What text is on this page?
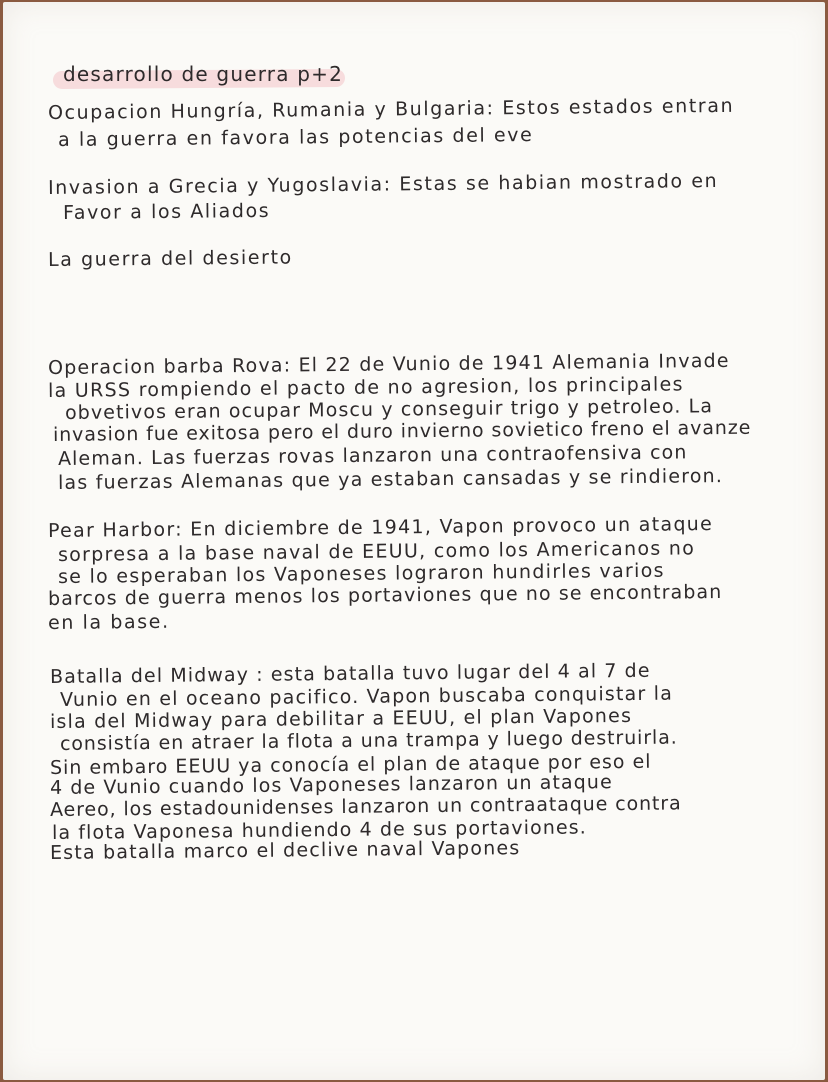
desarrollo de guerra p+2
Ocupacion Hungría, Rumania y Bulgaria: Estos estados entran
a la guerra en favora las potencias del eve
Invasion a Grecia y Yugoslavia: Estas se habian mostrado en
Favor a los Aliados
La guerra del desierto
Operacion barba Rova: El 22 de Vunio de 1941 Alemania Invade
la URSS rompiendo el pacto de no agresion, los principales
obvetivos eran ocupar Moscu y conseguir trigo y petroleo. La
invasion fue exitosa pero el duro invierno sovietico freno el avanze
Aleman. Las fuerzas rovas lanzaron una contraofensiva con
las fuerzas Alemanas que ya estaban cansadas y se rindieron.
Pear Harbor: En diciembre de 1941, Vapon provoco un ataque
sorpresa a la base naval de EEUU, como los Americanos no
se lo esperaban los Vaponeses lograron hundirles varios
barcos de guerra menos los portaviones que no se encontraban
en la base.
Batalla del Midway : esta batalla tuvo lugar del 4 al 7 de
Vunio en el oceano pacifico. Vapon buscaba conquistar la
isla del Midway para debilitar a EEUU, el plan Vapones
consistía en atraer la flota a una trampa y luego destruirla.
Sin embaro EEUU ya conocía el plan de ataque por eso el
4 de Vunio cuando los Vaponeses lanzaron un ataque
Aereo, los estadounidenses lanzaron un contraataque contra
la flota Vaponesa hundiendo 4 de sus portaviones.
Esta batalla marco el declive naval Vapones
